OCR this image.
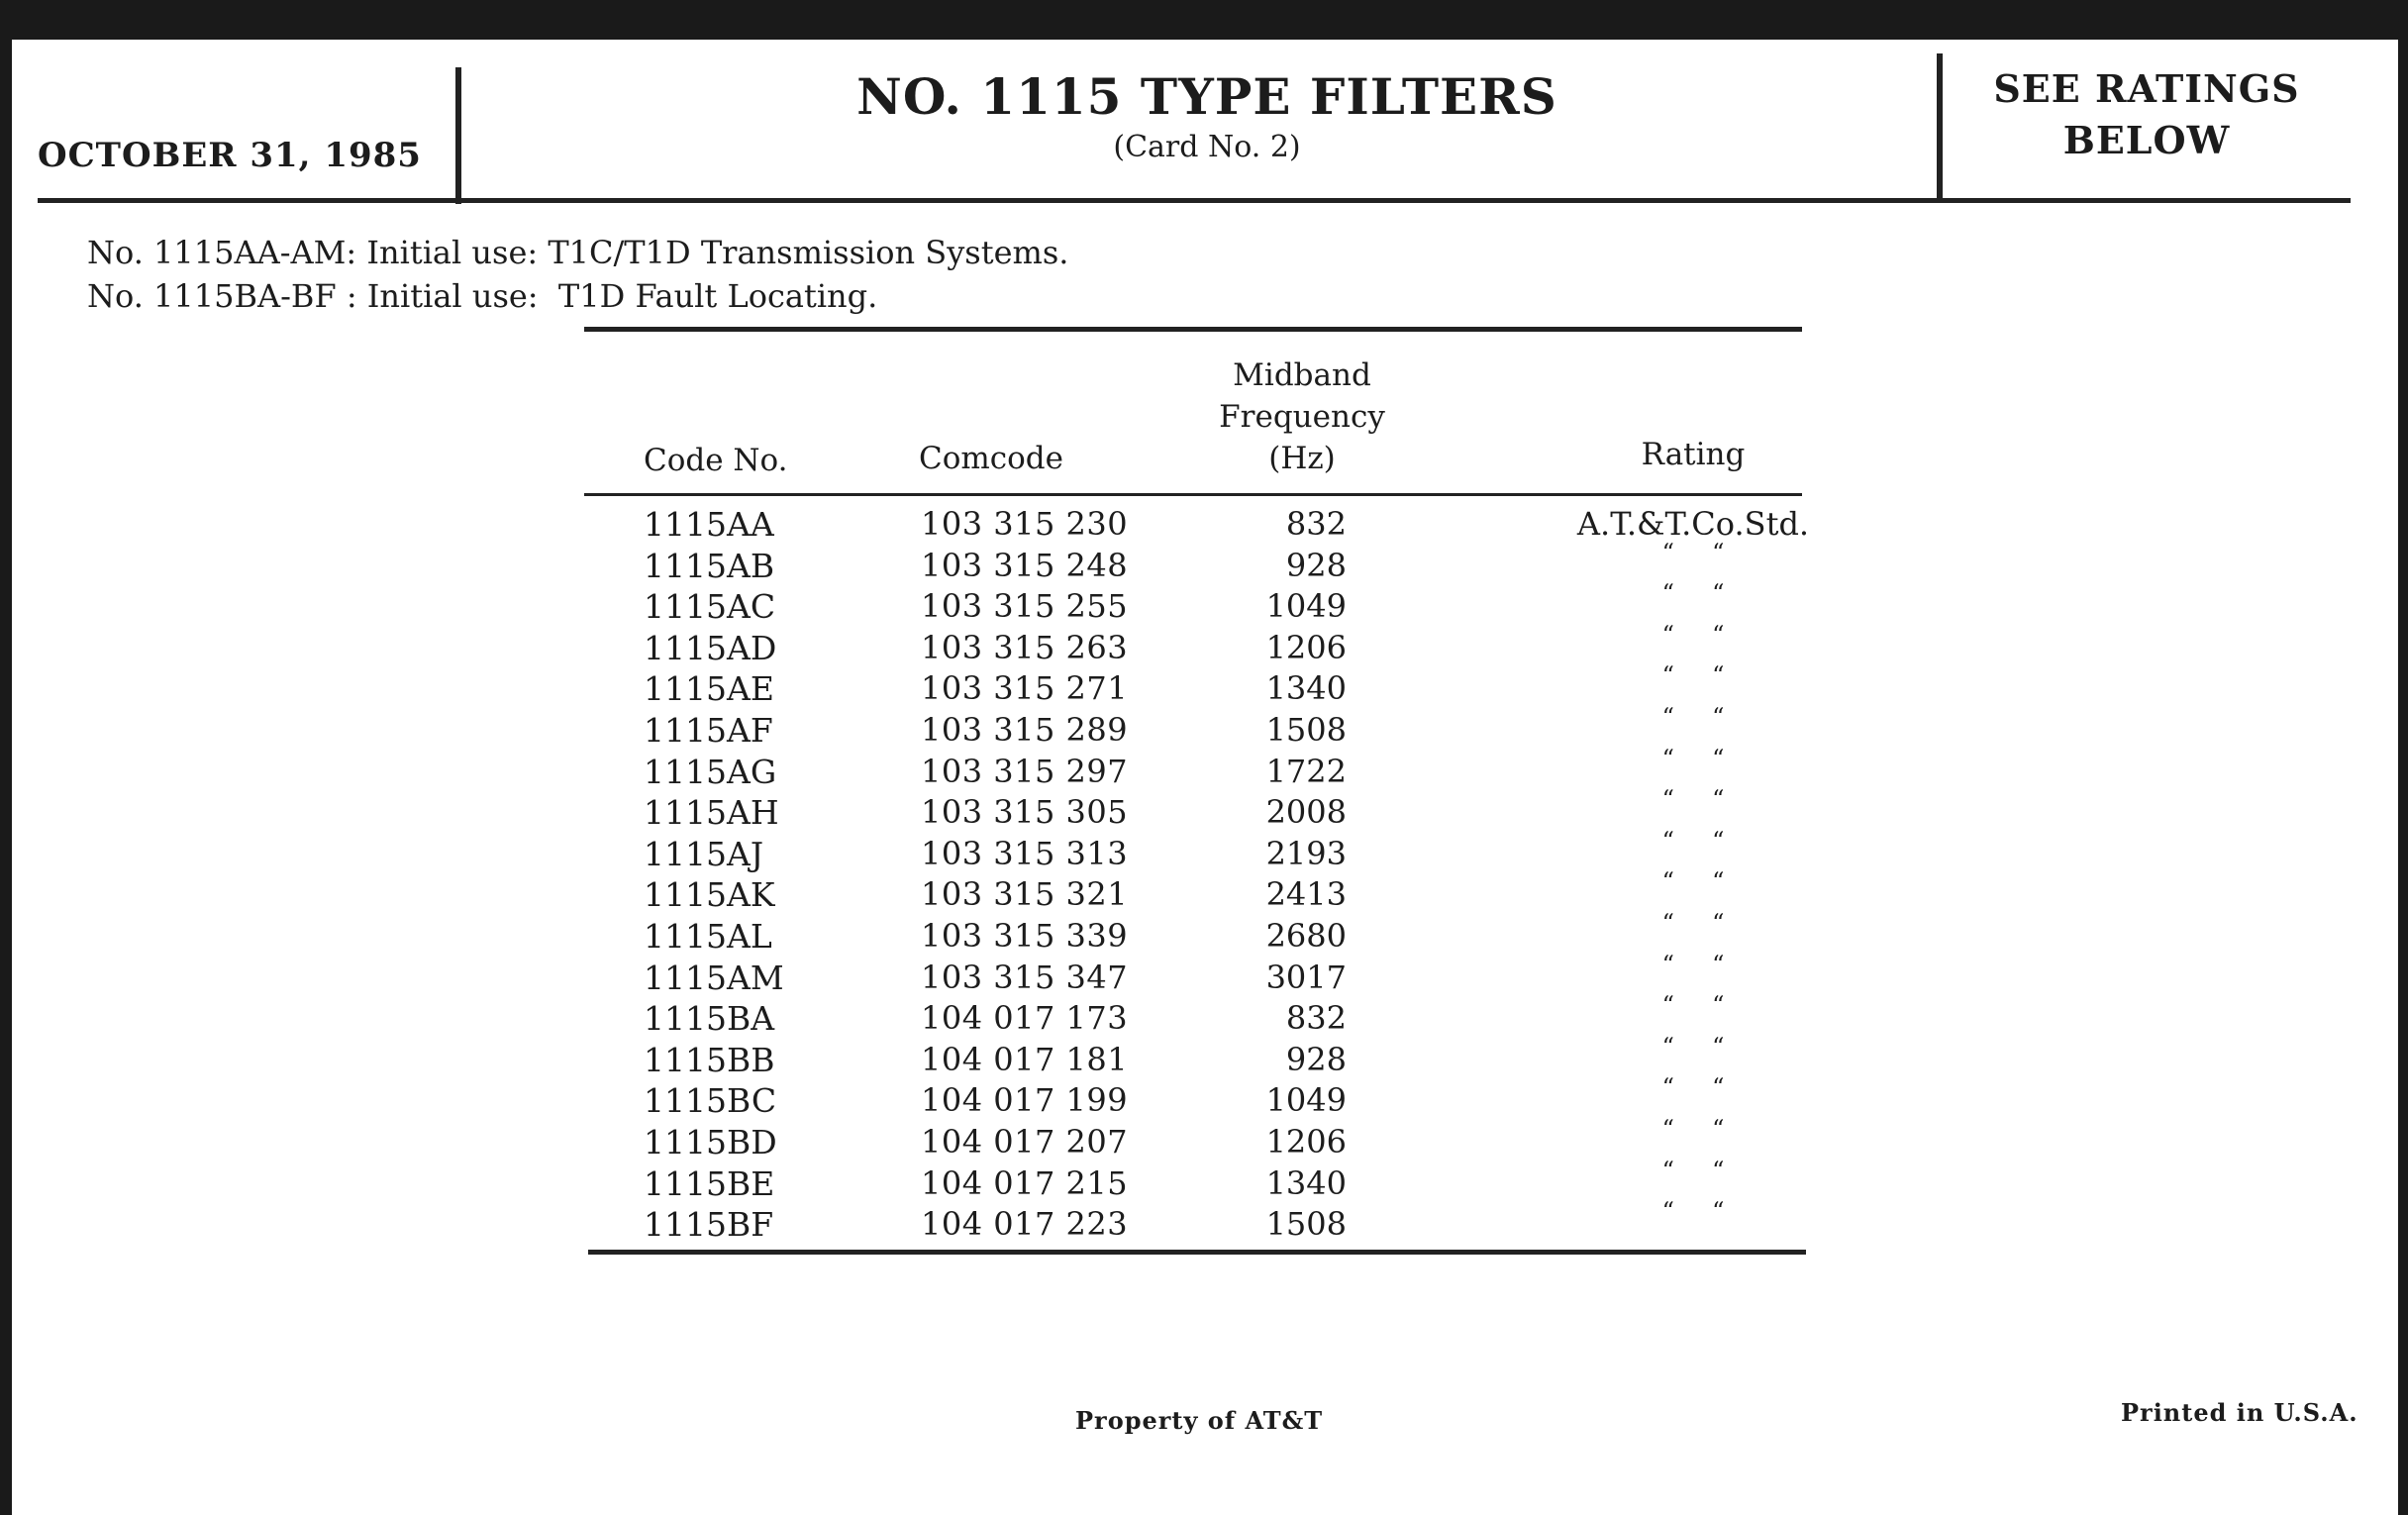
OCTOBER 31, 1985
NO. 1115 TYPE FILTERS
(Card No. 2)
SEE RATINGS
BELOW
No. 1115AA-AM: Initial use: T1C/T1D Transmission Systems.
No. 1115BA-BF : Initial use:  T1D Fault Locating.
Code No.	Comcode
Midband
Frequency
(Hz)	Rating
1115AA	103 315 230	832	A.T.&T.Co.Std.
1115AB	103 315 248	928	“     “
1115AC	103 315 255	1049	“     “
1115AD	103 315 263	1206	“     “
1115AE	103 315 271	1340	“     “
1115AF	103 315 289	1508	“     “
1115AG	103 315 297	1722	“     “
1115AH	103 315 305	2008	“     “
1115AJ	103 315 313	2193	“     “
1115AK	103 315 321	2413	“     “
1115AL	103 315 339	2680	“     “
1115AM	103 315 347	3017	“     “
1115BA	104 017 173	832	“     “
1115BB	104 017 181	928	“     “
1115BC	104 017 199	1049	“     “
1115BD	104 017 207	1206	“     “
1115BE	104 017 215	1340	“     “
1115BF	104 017 223	1508	“     “
Property of AT&T	Printed in U.S.A.
